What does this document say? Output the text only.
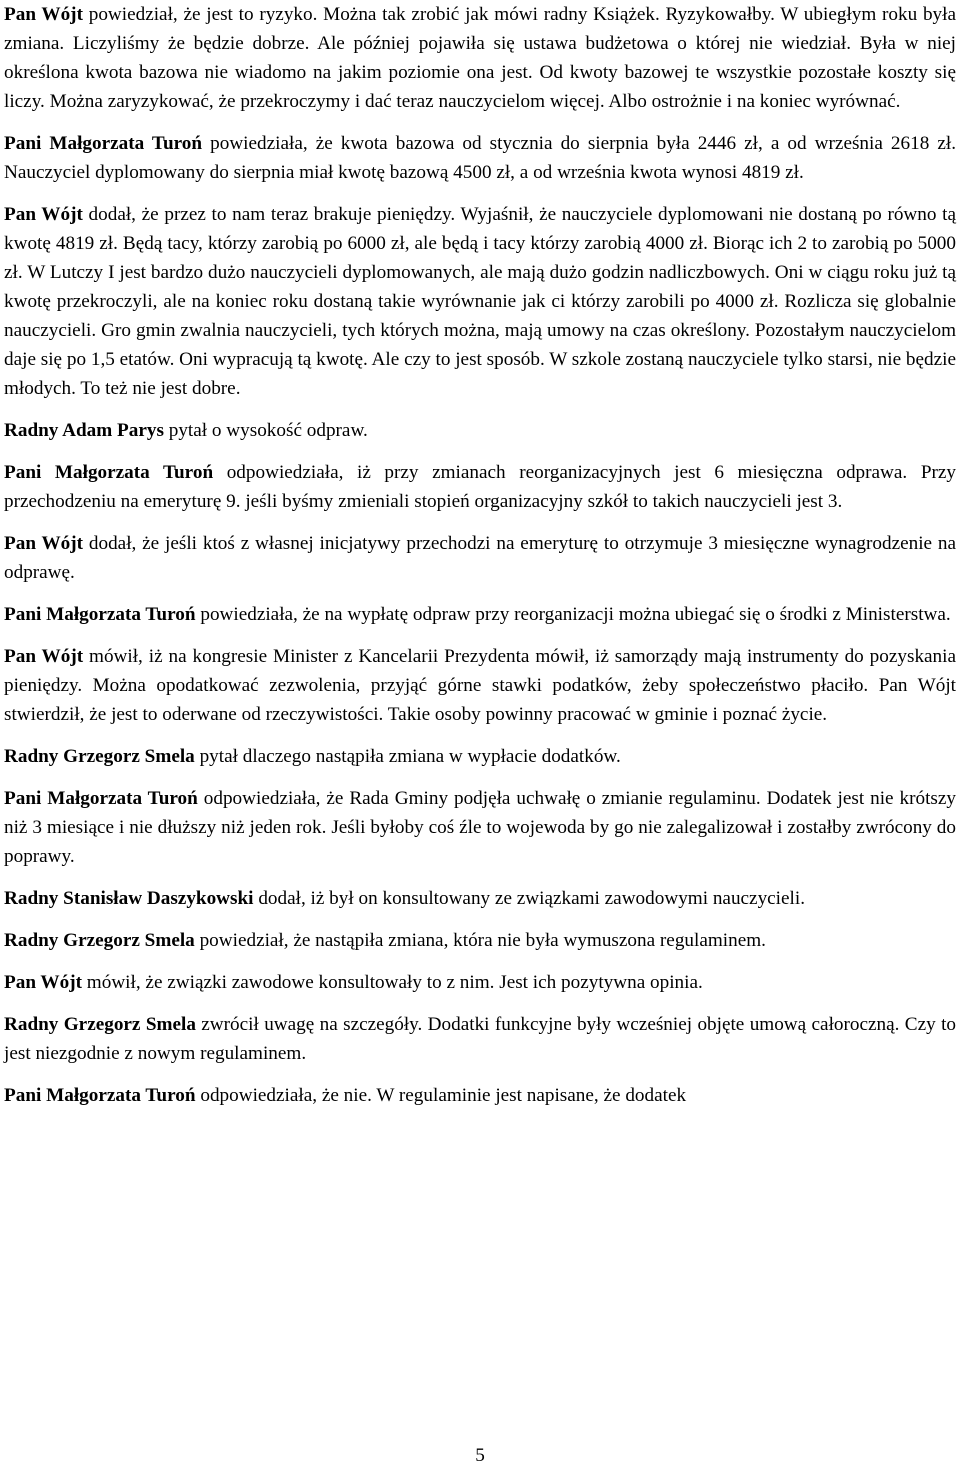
Pan Wójt powiedział, że jest to ryzyko. Można tak zrobić jak mówi radny Książek. Ryzykowałby. W ubiegłym roku była zmiana. Liczyliśmy że będzie dobrze. Ale później pojawiła się ustawa budżetowa o której nie wiedział. Była w niej określona kwota bazowa nie wiadomo na jakim poziomie ona jest. Od kwoty bazowej te wszystkie pozostałe koszty się liczy. Można zaryzykować, że przekroczymy i dać teraz nauczycielom więcej. Albo ostrożnie i na koniec wyrównać.

Pani Małgorzata Turoń powiedziała, że kwota bazowa od stycznia do sierpnia była 2446 zł, a od września 2618 zł. Nauczyciel dyplomowany do sierpnia miał kwotę bazową 4500 zł, a od września kwota wynosi 4819 zł.

Pan Wójt dodał, że przez to nam teraz brakuje pieniędzy. Wyjaśnił, że nauczyciele dyplomowani nie dostaną po równo tą kwotę 4819 zł. Będą tacy, którzy zarobią po 6000 zł, ale będą i tacy którzy zarobią 4000 zł. Biorąc ich 2 to zarobią po 5000 zł. W Lutczy I jest bardzo dużo nauczycieli dyplomowanych, ale mają dużo godzin nadliczbowych. Oni w ciągu roku już tą kwotę przekroczyli, ale na koniec roku dostaną takie wyrównanie jak ci którzy zarobili po 4000 zł. Rozlicza się globalnie nauczycieli. Gro gmin zwalnia nauczycieli, tych których można, mają umowy na czas określony. Pozostałym nauczycielom daje się po 1,5 etatów. Oni wypracują tą kwotę. Ale czy to jest sposób. W szkole zostaną nauczyciele tylko starsi, nie będzie młodych. To też nie jest dobre.

Radny Adam Parys pytał o wysokość odpraw.

Pani Małgorzata Turoń odpowiedziała, iż przy zmianach reorganizacyjnych jest 6 miesięczna odprawa. Przy przechodzeniu na emeryturę 9. jeśli byśmy zmieniali stopień organizacyjny szkół to takich nauczycieli jest 3.

Pan Wójt dodał, że jeśli ktoś z własnej inicjatywy przechodzi na emeryturę to otrzymuje 3 miesięczne wynagrodzenie na odprawę.

Pani Małgorzata Turoń powiedziała, że na wypłatę odpraw przy reorganizacji można ubiegać się o środki z Ministerstwa.

Pan Wójt mówił, iż na kongresie Minister z Kancelarii Prezydenta mówił, iż samorządy mają instrumenty do pozyskania pieniędzy. Można opodatkować zezwolenia, przyjąć górne stawki podatków, żeby społeczeństwo płaciło. Pan Wójt stwierdził, że jest to oderwane od rzeczywistości. Takie osoby powinny pracować w gminie i poznać życie.

Radny Grzegorz Smela pytał dlaczego nastąpiła zmiana w wypłacie dodatków.

Pani Małgorzata Turoń odpowiedziała, że Rada Gminy podjęła uchwałę o zmianie regulaminu. Dodatek jest nie krótszy niż 3 miesiące i nie dłuższy niż jeden rok. Jeśli byłoby coś źle to wojewoda by go nie zalegalizował i zostałby zwrócony do poprawy.

Radny Stanisław Daszykowski dodał, iż był on konsultowany ze związkami zawodowymi nauczycieli.

Radny Grzegorz Smela powiedział, że nastąpiła zmiana, która nie była wymuszona regulaminem.

Pan Wójt mówił, że związki zawodowe konsultowały to z nim. Jest ich pozytywna opinia.

Radny Grzegorz Smela zwrócił uwagę na szczegóły. Dodatki funkcyjne były wcześniej objęte umową całoroczną. Czy to jest niezgodnie z nowym regulaminem.

Pani Małgorzata Turoń odpowiedziała, że nie. W regulaminie jest napisane, że dodatek

5
